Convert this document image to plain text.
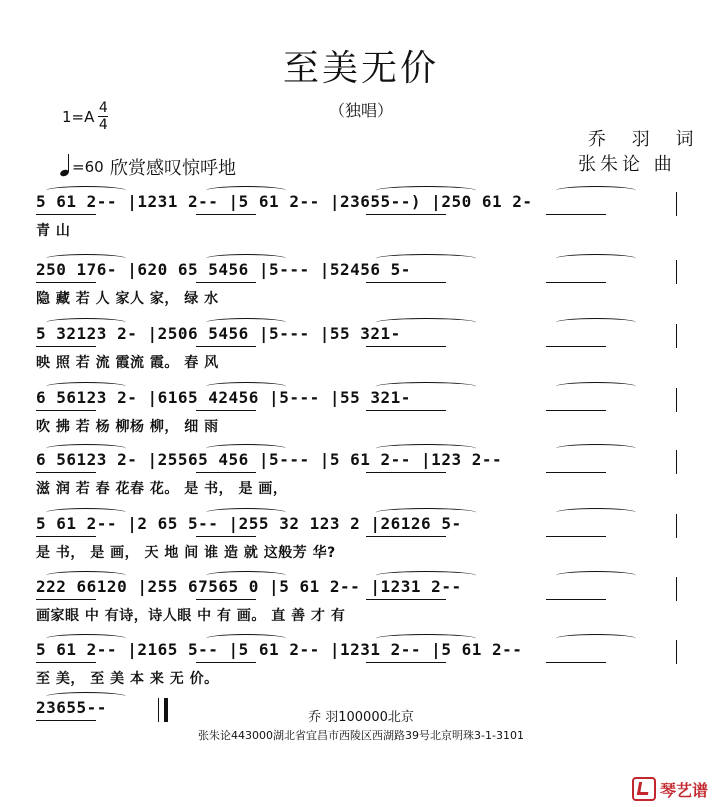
至美无价
（独唱）
1=A 4
4
=60 欣赏感叹惊呼地
乔 羽 词
张朱论 曲
5 61 2-- |1231 2-- |5 61 2-- |23655--) |250 61 2-
青 山
250 176- |620 65 5456 |5--- |52456 5-
隐 藏 若 人 家人 家， 绿 水
5 32123 2- |2506 5456 |5--- |55 321-
映 照 若 流 霞流 霞。 春 风
6 56123 2- |6165 42456 |5--- |55 321-
吹 拂 若 杨 柳杨 柳， 细 雨
6 56123 2- |25565 456 |5--- |5 61 2-- |123 2--
滋 润 若 春 花春 花。 是 书， 是 画，
5 61 2-- |2 65 5-- |255 32 123 2 |26126 5-
是 书， 是 画， 天 地 间 谁 造 就 这般芳 华?
222 66120 |255 67565 0 |5 61 2-- |1231 2--
画家眼 中 有诗，诗人眼 中 有 画。 直 善 才 有
5 61 2-- |2165 5-- |5 61 2-- |1231 2-- |5 61 2--
至 美， 至 美 本 来 无 价。
23655--
乔 羽100000北京
张朱论443000湖北省宜昌市西陵区西湖路39号北京明珠3-1-3101
琴艺谱
